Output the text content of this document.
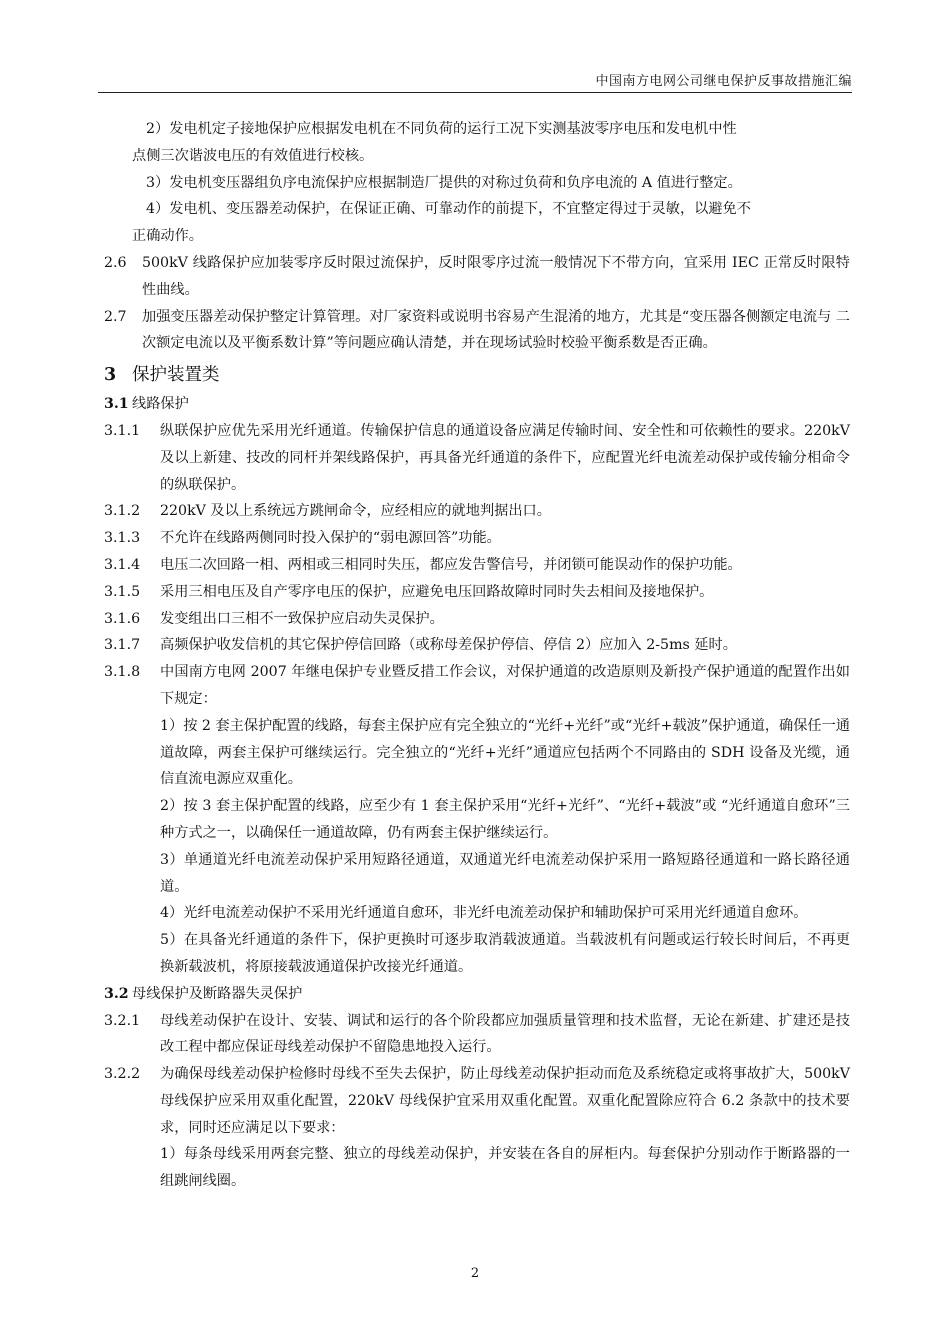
中国南方电网公司继电保护反事故措施汇编
2）发电机定子接地保护应根据发电机在不同负荷的运行工况下实测基波零序电压和发电机中性
点侧三次谐波电压的有效值进行校核。
3）发电机变压器组负序电流保护应根据制造厂提供的对称过负荷和负序电流的 A 值进行整定。
4）发电机、变压器差动保护，在保证正确、可靠动作的前提下，不宜整定得过于灵敏，以避免不
正确动作。
2.6	500kV 线路保护应加装零序反时限过流保护，反时限零序过流一般情况下不带方向，宜采用 IEC 正常反时限特性曲线。
2.7	加强变压器差动保护整定计算管理。对厂家资料或说明书容易产生混淆的地方，尤其是“变压器各侧额定电流与 二次额定电流以及平衡系数计算”等问题应确认清楚，并在现场试验时校验平衡系数是否正确。
3 保护装置类
3.1 线路保护
3.1.1	纵联保护应优先采用光纤通道。传输保护信息的通道设备应满足传输时间、安全性和可依赖性的要求。220kV 及以上新建、技改的同杆并架线路保护，再具备光纤通道的条件下，应配置光纤电流差动保护或传输分相命令的纵联保护。
3.1.2	220kV 及以上系统远方跳闸命令，应经相应的就地判据出口。
3.1.3	不允许在线路两侧同时投入保护的“弱电源回答”功能。
3.1.4	电压二次回路一相、两相或三相同时失压，都应发告警信号，并闭锁可能误动作的保护功能。
3.1.5	采用三相电压及自产零序电压的保护，应避免电压回路故障时同时失去相间及接地保护。
3.1.6	发变组出口三相不一致保护应启动失灵保护。
3.1.7	高频保护收发信机的其它保护停信回路（或称母差保护停信、停信 2）应加入 2-5ms 延时。
3.1.8	中国南方电网 2007 年继电保护专业暨反措工作会议，对保护通道的改造原则及新投产保护通道的配置作出如下规定：
1）按 2 套主保护配置的线路，每套主保护应有完全独立的“光纤+光纤”或“光纤+载波”保护通道，确保任一通道故障，两套主保护可继续运行。完全独立的“光纤+光纤”通道应包括两个不同路由的 SDH 设备及光缆，通信直流电源应双重化。
2）按 3 套主保护配置的线路，应至少有 1 套主保护采用“光纤+光纤”、“光纤+载波”或 “光纤通道自愈环”三种方式之一，以确保任一通道故障，仍有两套主保护继续运行。
3）单通道光纤电流差动保护采用短路径通道，双通道光纤电流差动保护采用一路短路径通道和一路长路径通道。
4）光纤电流差动保护不采用光纤通道自愈环，非光纤电流差动保护和辅助保护可采用光纤通道自愈环。
5）在具备光纤通道的条件下，保护更换时可逐步取消载波通道。当载波机有问题或运行较长时间后，不再更换新载波机，将原接载波通道保护改接光纤通道。
3.2 母线保护及断路器失灵保护
3.2.1	母线差动保护在设计、安装、调试和运行的各个阶段都应加强质量管理和技术监督，无论在新建、扩建还是技改工程中都应保证母线差动保护不留隐患地投入运行。
3.2.2	为确保母线差动保护检修时母线不至失去保护，防止母线差动保护拒动而危及系统稳定或将事故扩大，500kV 母线保护应采用双重化配置，220kV 母线保护宜采用双重化配置。双重化配置除应符合 6.2 条款中的技术要求，同时还应满足以下要求：
1）每条母线采用两套完整、独立的母线差动保护，并安装在各自的屏柜内。每套保护分别动作于断路器的一组跳闸线圈。
2
